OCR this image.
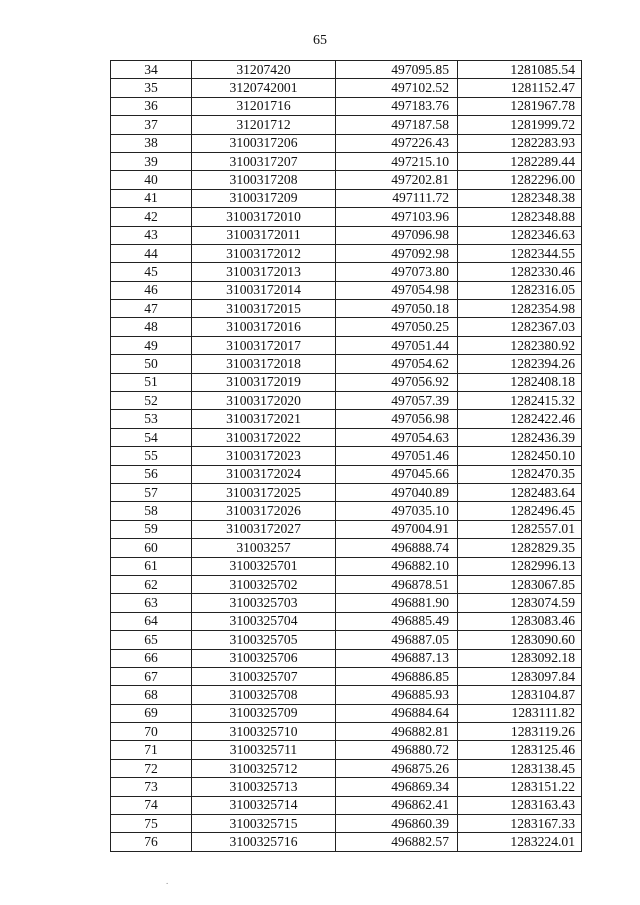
65
34	31207420	497095.85	1281085.54
35	3120742001	497102.52	1281152.47
36	31201716	497183.76	1281967.78
37	31201712	497187.58	1281999.72
38	3100317206	497226.43	1282283.93
39	3100317207	497215.10	1282289.44
40	3100317208	497202.81	1282296.00
41	3100317209	497111.72	1282348.38
42	31003172010	497103.96	1282348.88
43	31003172011	497096.98	1282346.63
44	31003172012	497092.98	1282344.55
45	31003172013	497073.80	1282330.46
46	31003172014	497054.98	1282316.05
47	31003172015	497050.18	1282354.98
48	31003172016	497050.25	1282367.03
49	31003172017	497051.44	1282380.92
50	31003172018	497054.62	1282394.26
51	31003172019	497056.92	1282408.18
52	31003172020	497057.39	1282415.32
53	31003172021	497056.98	1282422.46
54	31003172022	497054.63	1282436.39
55	31003172023	497051.46	1282450.10
56	31003172024	497045.66	1282470.35
57	31003172025	497040.89	1282483.64
58	31003172026	497035.10	1282496.45
59	31003172027	497004.91	1282557.01
60	31003257	496888.74	1282829.35
61	3100325701	496882.10	1282996.13
62	3100325702	496878.51	1283067.85
63	3100325703	496881.90	1283074.59
64	3100325704	496885.49	1283083.46
65	3100325705	496887.05	1283090.60
66	3100325706	496887.13	1283092.18
67	3100325707	496886.85	1283097.84
68	3100325708	496885.93	1283104.87
69	3100325709	496884.64	1283111.82
70	3100325710	496882.81	1283119.26
71	3100325711	496880.72	1283125.46
72	3100325712	496875.26	1283138.45
73	3100325713	496869.34	1283151.22
74	3100325714	496862.41	1283163.43
75	3100325715	496860.39	1283167.33
76	3100325716	496882.57	1283224.01
.
